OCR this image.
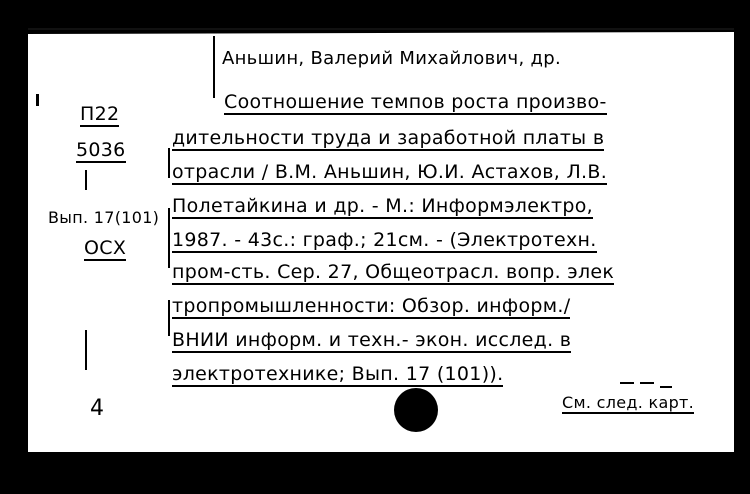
Аньшин, Валерий Михайлович, др.
П22
5036
Вып. 17(101)
ОСХ
4
Соотношение темпов роста произво-
дительности труда и заработной платы в
отрасли / В.М. Аньшин, Ю.И. Астахов, Л.В.
Полетайкина и др. - М.: Информэлектро,
1987. - 43с.: граф.; 21см. - (Электротехн.
пром-сть. Сер. 27, Общеотрасл. вопр. элек
тропромышленности: Обзор. информ./
ВНИИ информ. и техн.- экон. исслед. в
электротехнике; Вып. 17 (101)).
См. след. карт.
